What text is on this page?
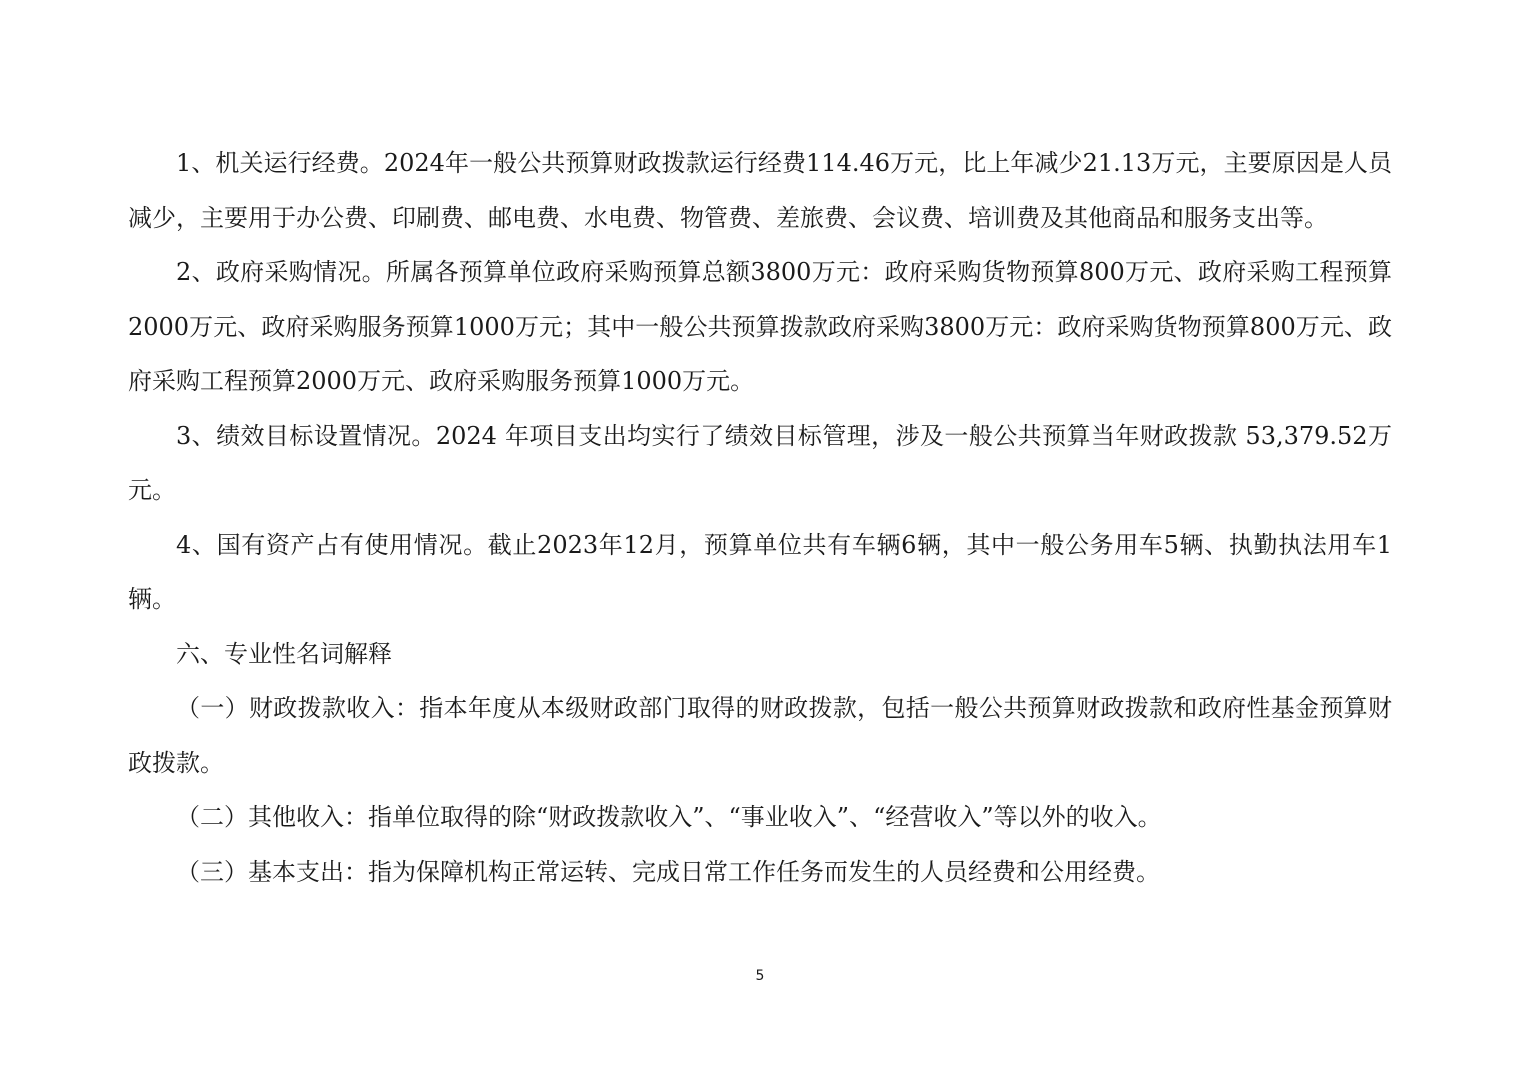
1、机关运行经费。2024年一般公共预算财政拨款运行经费114.46万元，比上年减少21.13万元，主要原因是人员减少，主要用于办公费、印刷费、邮电费、水电费、物管费、差旅费、会议费、培训费及其他商品和服务支出等。

2、政府采购情况。所属各预算单位政府采购预算总额3800万元：政府采购货物预算800万元、政府采购工程预算2000万元、政府采购服务预算1000万元；其中一般公共预算拨款政府采购3800万元：政府采购货物预算800万元、政府采购工程预算2000万元、政府采购服务预算1000万元。

3、绩效目标设置情况。2024 年项目支出均实行了绩效目标管理，涉及一般公共预算当年财政拨款 53,379.52万元。

4、国有资产占有使用情况。截止2023年12月，预算单位共有车辆6辆，其中一般公务用车5辆、执勤执法用车1辆。

六、专业性名词解释

（一）财政拨款收入：指本年度从本级财政部门取得的财政拨款，包括一般公共预算财政拨款和政府性基金预算财政拨款。

（二）其他收入：指单位取得的除“财政拨款收入”、“事业收入”、“经营收入”等以外的收入。

（三）基本支出：指为保障机构正常运转、完成日常工作任务而发生的人员经费和公用经费。

5
